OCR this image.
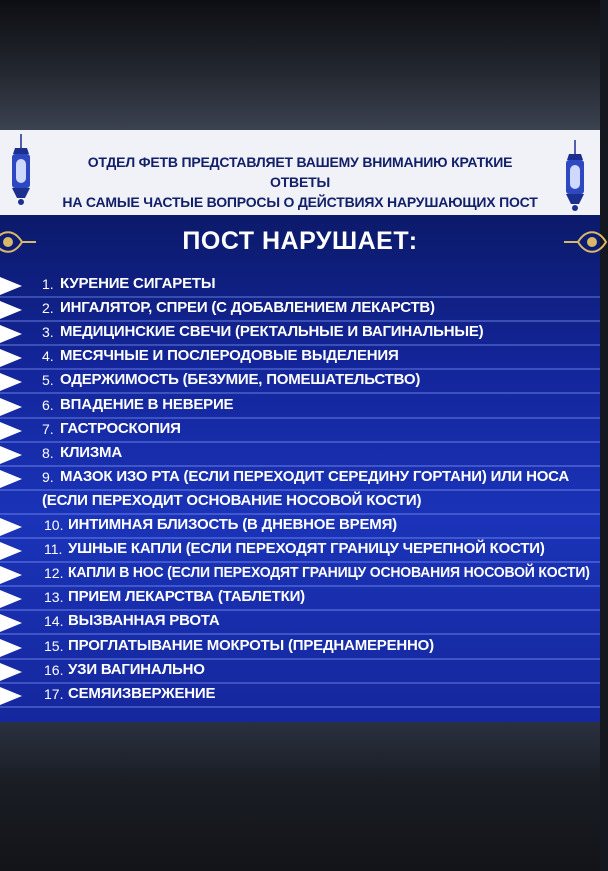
ОТДЕЛ ФЕТВ ПРЕДСТАВЛЯЕТ ВАШЕМУ ВНИМАНИЮ КРАТКИЕ ОТВЕТЫ
НА САМЫЕ ЧАСТЫЕ ВОПРОСЫ О ДЕЙСТВИЯХ НАРУШАЮЩИХ ПОСТ
ПОСТ НАРУШАЕТ:
1. КУРЕНИЕ СИГАРЕТЫ
2. ИНГАЛЯТОР, СПРЕИ (С ДОБАВЛЕНИЕМ ЛЕКАРСТВ)
3. МЕДИЦИНСКИЕ СВЕЧИ (РЕКТАЛЬНЫЕ И ВАГИНАЛЬНЫЕ)
4. МЕСЯЧНЫЕ И ПОСЛЕРОДОВЫЕ ВЫДЕЛЕНИЯ
5. ОДЕРЖИМОСТЬ (БЕЗУМИЕ, ПОМЕШАТЕЛЬСТВО)
6. ВПАДЕНИЕ В НЕВЕРИЕ
7. ГАСТРОСКОПИЯ
8. КЛИЗМА
9. МАЗОК ИЗО РТА (ЕСЛИ ПЕРЕХОДИТ СЕРЕДИНУ ГОРТАНИ) ИЛИ НОСА
(ЕСЛИ ПЕРЕХОДИТ ОСНОВАНИЕ НОСОВОЙ КОСТИ)
10. ИНТИМНАЯ БЛИЗОСТЬ (В ДНЕВНОЕ ВРЕМЯ)
11. УШНЫЕ КАПЛИ (ЕСЛИ ПЕРЕХОДЯТ ГРАНИЦУ ЧЕРЕПНОЙ КОСТИ)
12. КАПЛИ В НОС (ЕСЛИ ПЕРЕХОДЯТ ГРАНИЦУ ОСНОВАНИЯ НОСОВОЙ КОСТИ)
13. ПРИЕМ ЛЕКАРСТВА (ТАБЛЕТКИ)
14. ВЫЗВАННАЯ РВОТА
15. ПРОГЛАТЫВАНИЕ МОКРОТЫ (ПРЕДНАМЕРЕННО)
16. УЗИ ВАГИНАЛЬНО
17. СЕМЯИЗВЕРЖЕНИЕ
